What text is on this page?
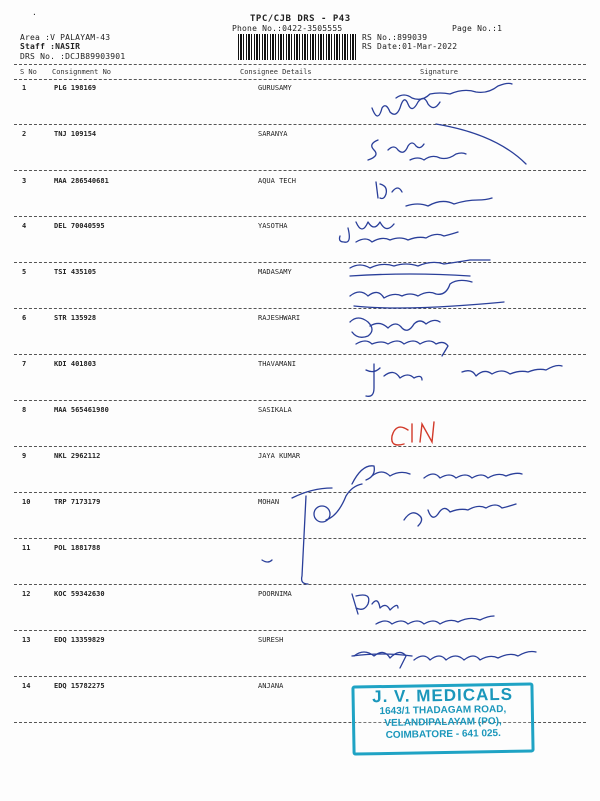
·	TPC/CJB DRS - P43
Phone No.:0422-3505555	Page No.:1
Area :V PALAYAM-43
Staff :NASIR
DRS No. :DCJB89903901
RS No.:899039
RS Date:01-Mar-2022
S No Consignment No	Consignee Details	Signature
1	PLG 198169	GURUSAMY
2	TNJ 109154	SARANYA
3	MAA 286540681	AQUA TECH
4	DEL 70040595	YASOTHA
5	TSI 435105	MADASAMY
6	STR 135928	RAJESHWARI
7	KDI 401803	THAVAMANI
8	MAA 565461980	SASIKALA
9	NKL 2962112	JAYA KUMAR
10	TRP 7173179	MOHAN
11	POL 1881788
12	KOC 59342630	POORNIMA
13	EDQ 13359829	SURESH
14	EDQ 15782275	ANJANA	J. V. MEDICALS
1643/1 THADAGAM ROAD,
VELANDIPALAYAM (PO),
COIMBATORE - 641 025.
